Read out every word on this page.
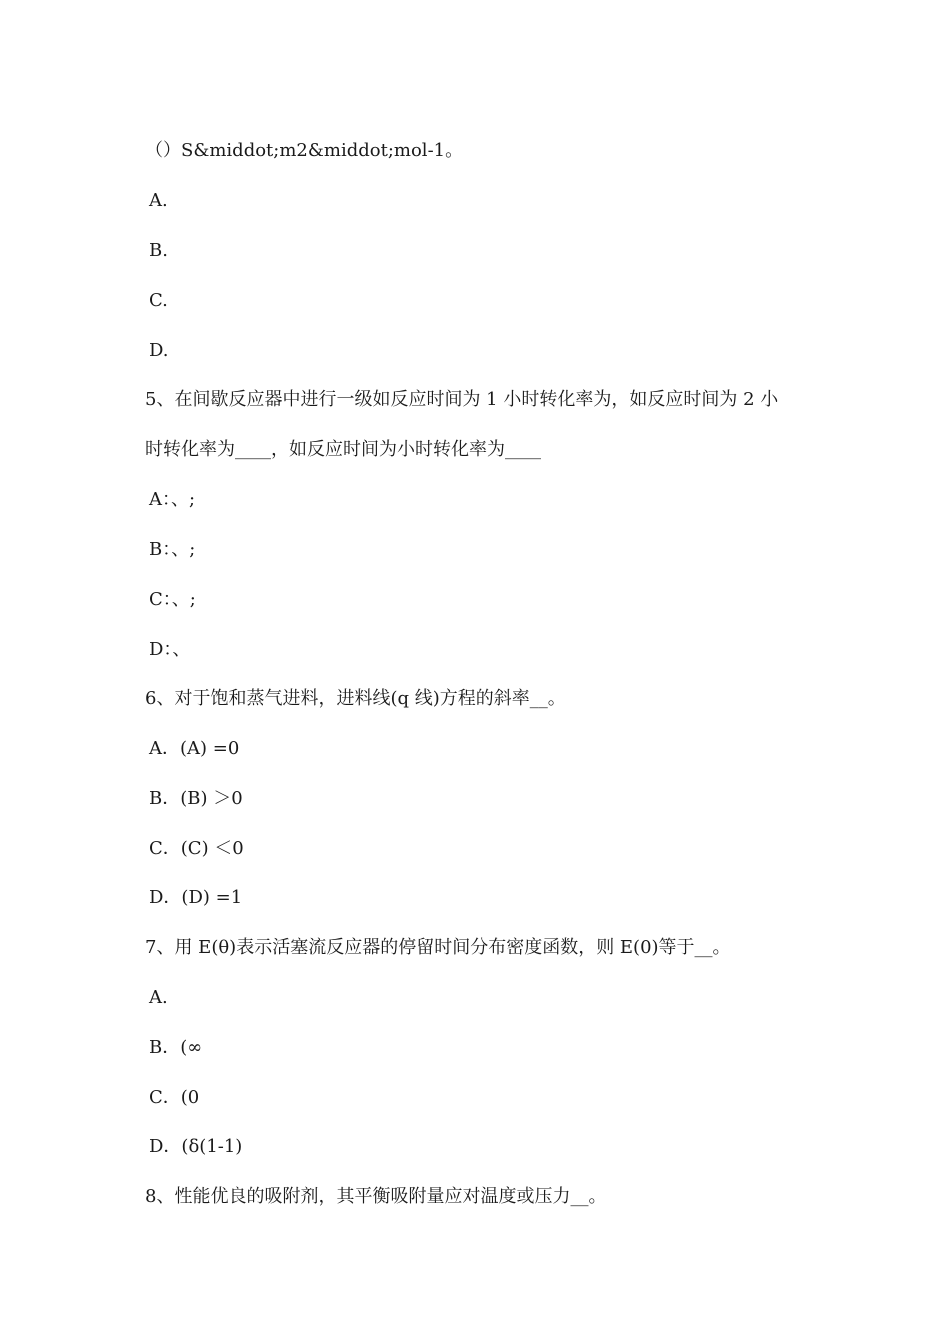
（）S&middot;m2&middot;mol-1。
A.
B.
C.
D.
5、在间歇反应器中进行一级如反应时间为 1 小时转化率为，如反应时间为 2 小
时转化率为____，如反应时间为小时转化率为____
A：、;
B：、;
C：、;
D：、
6、对于饱和蒸气进料，进料线(q 线)方程的斜率__。
A．(A) =0
B．(B) ＞0
C．(C) ＜0
D．(D) =1
7、用 E(θ)表示活塞流反应器的停留时间分布密度函数，则 E(0)等于__。
A.
B．(∞
C．(0
D．(δ(1-1)
8、性能优良的吸附剂，其平衡吸附量应对温度或压力__。
